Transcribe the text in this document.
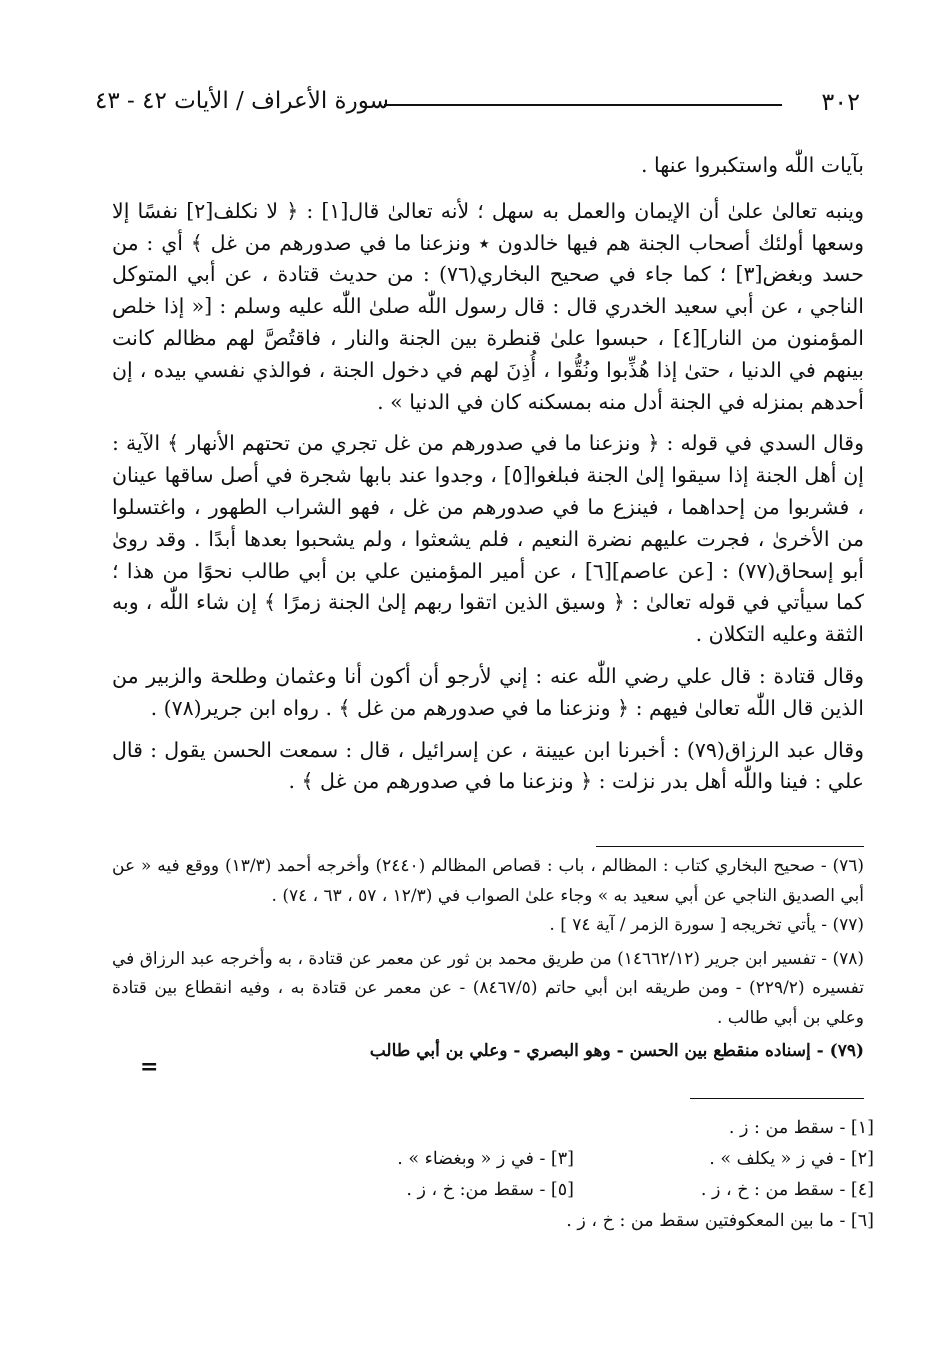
٣٠٢
سورة الأعراف / الأيات ٤٢ - ٤٣

بآيات اللّٰه واستكبروا عنها .

وينبه تعالىٰ علىٰ أن الإيمان والعمل به سهل ؛ لأنه تعالىٰ قال[١] : ﴿ لا نكلف[٢] نفسًا إلا وسعها أولئك أصحاب الجنة هم فيها خالدون ٭ ونزعنا ما في صدورهم من غل ﴾ أي : من حسد وبغض[٣] ؛ كما جاء في صحيح البخاري(٧٦) : من حديث قتادة ، عن أبي المتوكل الناجي ، عن أبي سعيد الخدري قال : قال رسول اللّٰه صلىٰ اللّٰه عليه وسلم : [« إذا خلص المؤمنون من النار][٤] ، حبسوا علىٰ قنطرة بين الجنة والنار ، فاقتُصَّ لهم مظالم كانت بينهم في الدنيا ، حتىٰ إذا هُذِّبوا ونُقُّوا ، أُذِنَ لهم في دخول الجنة ، فوالذي نفسي بيده ، إن أحدهم بمنزله في الجنة أدل منه بمسكنه كان في الدنيا » .

وقال السدي في قوله : ﴿ ونزعنا ما في صدورهم من غل تجري من تحتهم الأنهار ﴾ الآية : إن أهل الجنة إذا سيقوا إلىٰ الجنة فبلغوا[٥] ، وجدوا عند بابها شجرة في أصل ساقها عينان ، فشربوا من إحداهما ، فينزع ما في صدورهم من غل ، فهو الشراب الطهور ، واغتسلوا من الأخرىٰ ، فجرت عليهم نضرة النعيم ، فلم يشعثوا ، ولم يشحبوا بعدها أبدًا . وقد روىٰ أبو إسحاق(٧٧) : [عن عاصم][٦] ، عن أمير المؤمنين علي بن أبي طالب نحوًا من هذا ؛ كما سيأتي في قوله تعالىٰ : ﴿ وسيق الذين اتقوا ربهم إلىٰ الجنة زمرًا ﴾ إن شاء اللّٰه ، وبه الثقة وعليه التكلان .

وقال قتادة : قال علي رضي اللّٰه عنه : إني لأرجو أن أكون أنا وعثمان وطلحة والزبير من الذين قال اللّٰه تعالىٰ فيهم : ﴿ ونزعنا ما في صدورهم من غل ﴾ . رواه ابن جرير(٧٨) .

وقال عبد الرزاق(٧٩) : أخبرنا ابن عيينة ، عن إسرائيل ، قال : سمعت الحسن يقول : قال علي : فينا واللّٰه أهل بدر نزلت : ﴿ ونزعنا ما في صدورهم من غل ﴾ .

(٧٦) - صحيح البخاري كتاب : المظالم ، باب : قصاص المظالم (٢٤٤٠) وأخرجه أحمد (١٣/٣) ووقع فيه « عن أبي الصديق الناجي عن أبي سعيد به » وجاء علىٰ الصواب في (١٢/٣ ، ٥٧ ، ٦٣ ، ٧٤) .

(٧٧) - يأتي تخريجه [ سورة الزمر / آية ٧٤ ] .

(٧٨) - تفسير ابن جرير (١٤٦٦٢/١٢) من طريق محمد بن ثور عن معمر عن قتادة ، به وأخرجه عبد الرزاق في تفسيره (٢٢٩/٢) - ومن طريقه ابن أبي حاتم (٨٤٦٧/٥) - عن معمر عن قتادة به ، وفيه انقطاع بين قتادة وعلي بن أبي طالب .

(٧٩) - إسناده منقطع بين الحسن - وهو البصري - وعلي بن أبي طالب

=
[١] - سقط من : ز .
[٢] - في ز « يكلف » .
[٣] - في ز « وبغضاء » .
[٤] - سقط من : خ ، ز .
[٥] - سقط من: خ ، ز .
[٦] - ما بين المعكوفتين سقط من : خ ، ز .
